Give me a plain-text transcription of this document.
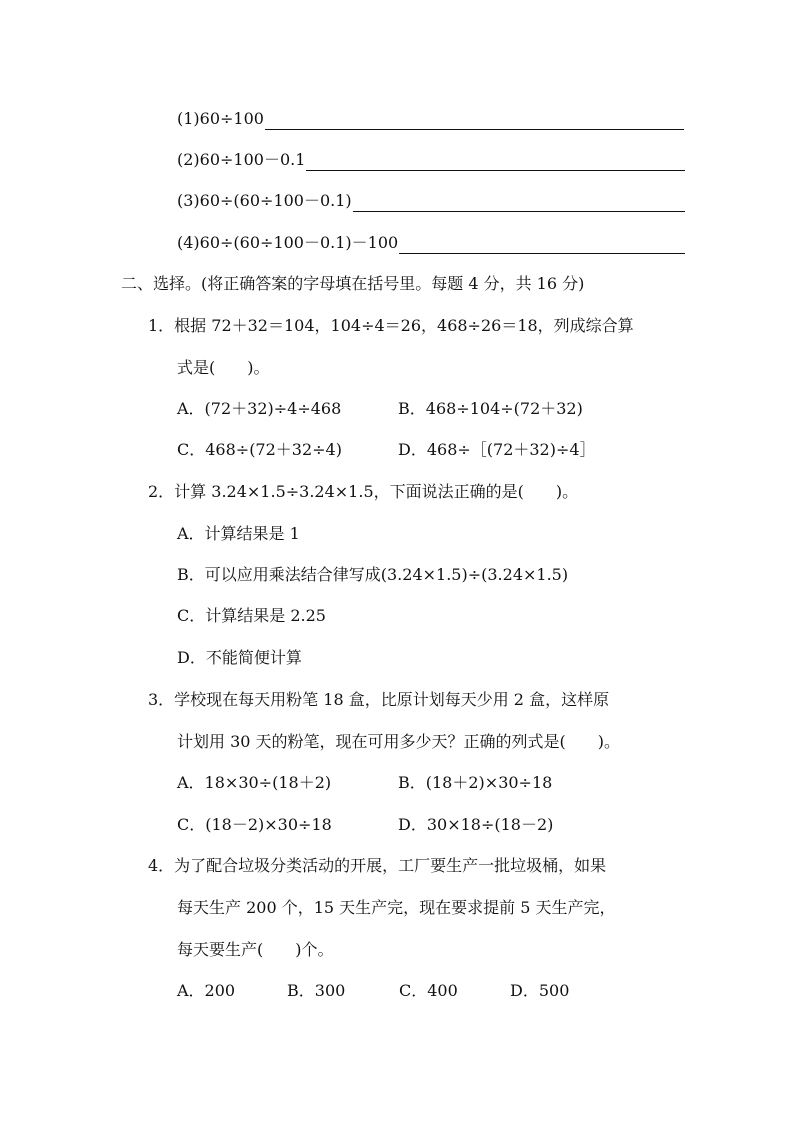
(1)60÷100
(2)60÷100－0.1
(3)60÷(60÷100－0.1)
(4)60÷(60÷100－0.1)－100
二、选择。(将正确答案的字母填在括号里。每题 4 分，共 16 分)
1．根据 72＋32＝104，104÷4＝26，468÷26＝18，列成综合算
式是(　　)。
A．(72＋32)÷4÷468	B．468÷104÷(72＋32)
C．468÷(72＋32÷4)	D．468÷［(72＋32)÷4］
2．计算 3.24×1.5÷3.24×1.5，下面说法正确的是(　　)。
A．计算结果是 1
B．可以应用乘法结合律写成(3.24×1.5)÷(3.24×1.5)
C．计算结果是 2.25
D．不能简便计算
3．学校现在每天用粉笔 18 盒，比原计划每天少用 2 盒，这样原
计划用 30 天的粉笔，现在可用多少天？正确的列式是(　　)。
A．18×30÷(18＋2)	B．(18＋2)×30÷18
C．(18－2)×30÷18	D．30×18÷(18－2)
4．为了配合垃圾分类活动的开展，工厂要生产一批垃圾桶，如果
每天生产 200 个，15 天生产完，现在要求提前 5 天生产完，
每天要生产(　　)个。
A．200	B．300	C．400	D．500
